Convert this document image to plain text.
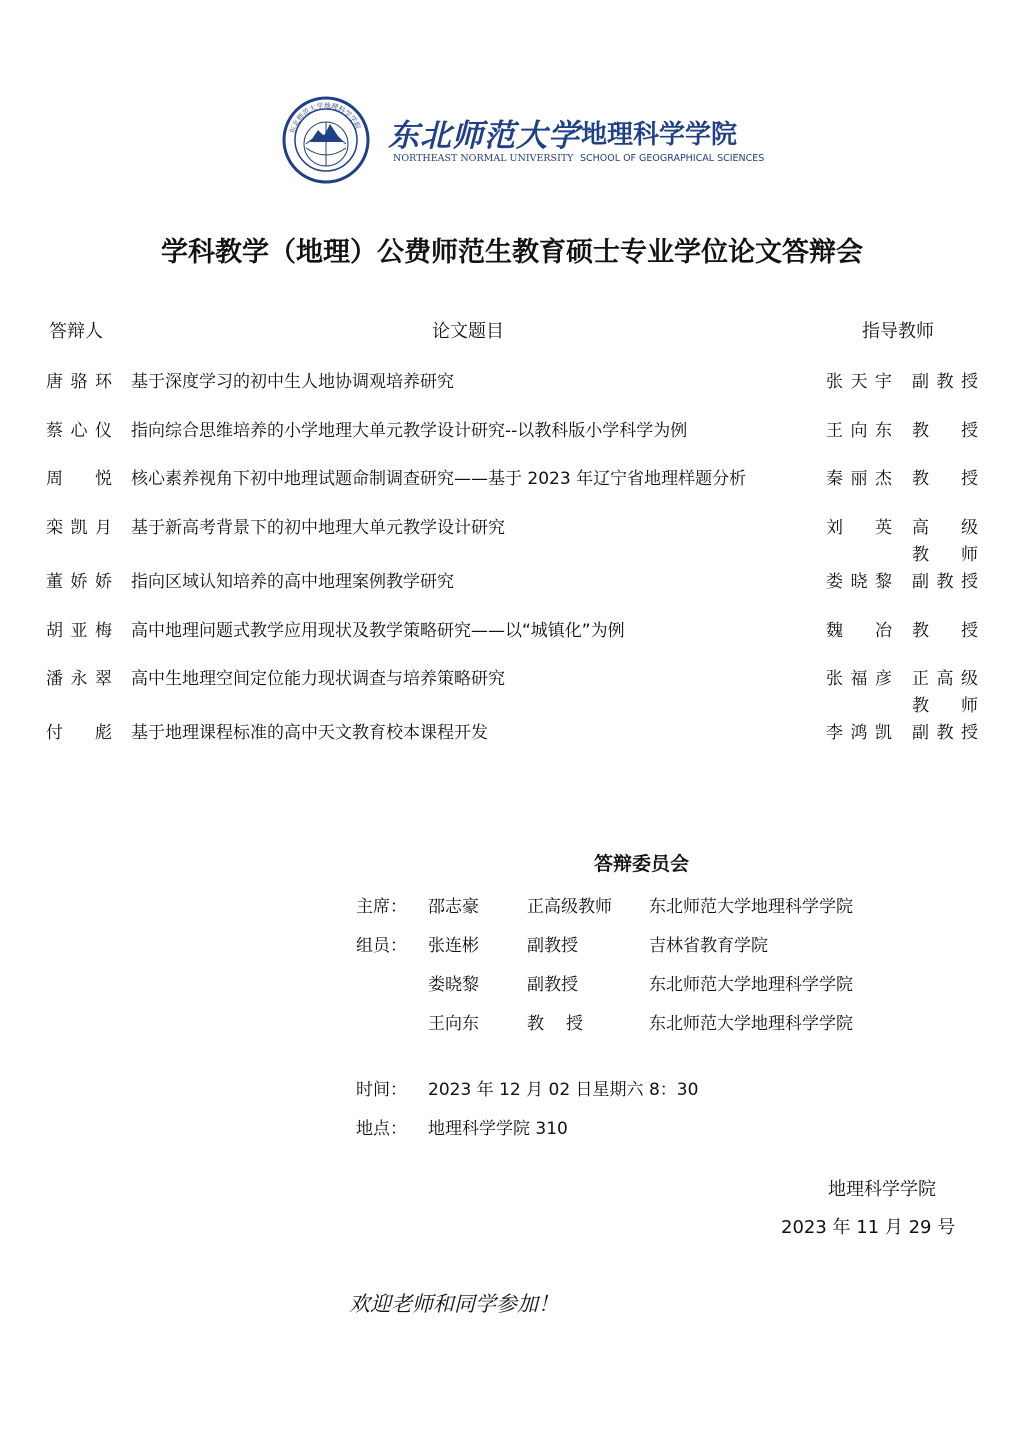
东北师范大学地理科学学院 东北师范大学 地理科学学院
NORTHEAST NORMAL UNIVERSITY SCHOOL OF GEOGRAPHICAL SCIENCES
学科教学（地理）公费师范生教育硕士专业学位论文答辩会
答辩人	论文题目	指导教师
唐骆环 基于深度学习的初中生人地协调观培养研究	张天宇 副教授
蔡心仪 指向综合思维培养的小学地理大单元教学设计研究--以教科版小学科学为例	王向东 教授
周悦 核心素养视角下初中地理试题命制调查研究——基于 2023 年辽宁省地理样题分析	秦丽杰 教授
栾凯月 基于新高考背景下的初中地理大单元教学设计研究	刘英 高级
教师
董娇娇 指向区域认知培养的高中地理案例教学研究	娄晓黎 副教授
胡亚梅 高中地理问题式教学应用现状及教学策略研究——以“城镇化”为例	魏冶 教授
潘永翠 高中生地理空间定位能力现状调查与培养策略研究	张福彦 正高级
教师
付彪 基于地理课程标准的高中天文教育校本课程开发	李鸿凯 副教授
答辩委员会
主席： 邵志豪	正高级教师 东北师范大学地理科学学院
组员： 张连彬	副教授	吉林省教育学院
娄晓黎	副教授	东北师范大学地理科学学院
王向东	教授	东北师范大学地理科学学院
时间： 2023 年 12 月 02 日星期六 8：30
地点： 地理科学学院 310
地理科学学院
2023 年 11 月 29 号
欢迎老师和同学参加！
